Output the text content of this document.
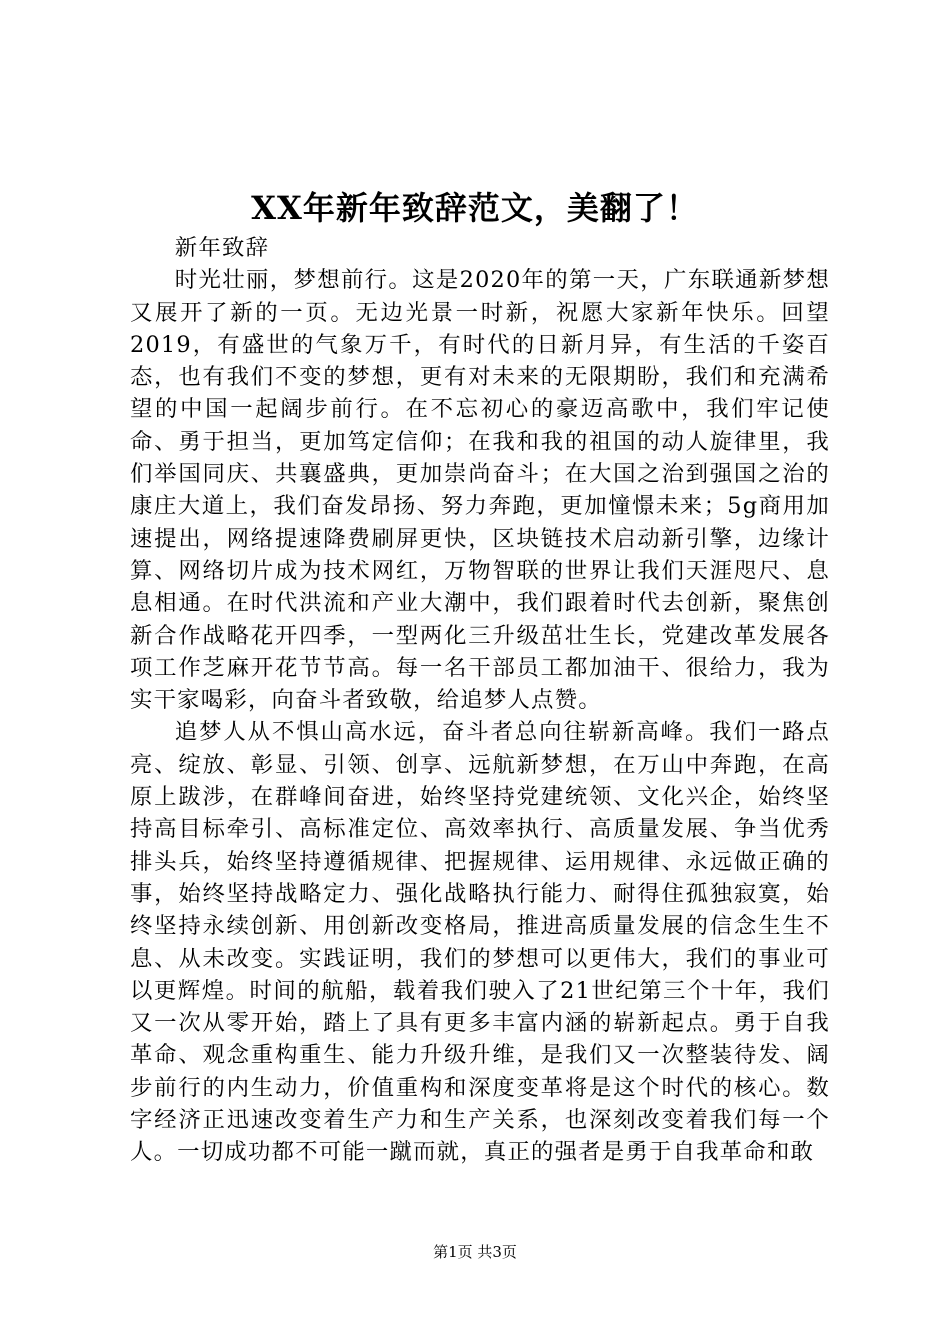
XX年新年致辞范文，美翻了！

新年致辞

时光壮丽，梦想前行。这是2020年的第一天，广东联通新梦想又展开了新的一页。无边光景一时新，祝愿大家新年快乐。回望2019，有盛世的气象万千，有时代的日新月异，有生活的千姿百态，也有我们不变的梦想，更有对未来的无限期盼，我们和充满希望的中国一起阔步前行。在不忘初心的豪迈高歌中，我们牢记使命、勇于担当，更加笃定信仰；在我和我的祖国的动人旋律里，我们举国同庆、共襄盛典，更加崇尚奋斗；在大国之治到强国之治的康庄大道上，我们奋发昂扬、努力奔跑，更加憧憬未来；5g商用加速提出，网络提速降费刷屏更快，区块链技术启动新引擎，边缘计算、网络切片成为技术网红，万物智联的世界让我们天涯咫尺、息息相通。在时代洪流和产业大潮中，我们跟着时代去创新，聚焦创新合作战略花开四季，一型两化三升级茁壮生长，党建改革发展各项工作芝麻开花节节高。每一名干部员工都加油干、很给力，我为实干家喝彩，向奋斗者致敬，给追梦人点赞。

追梦人从不惧山高水远，奋斗者总向往崭新高峰。我们一路点亮、绽放、彰显、引领、创享、远航新梦想，在万山中奔跑，在高原上跋涉，在群峰间奋进，始终坚持党建统领、文化兴企，始终坚持高目标牵引、高标准定位、高效率执行、高质量发展、争当优秀排头兵，始终坚持遵循规律、把握规律、运用规律、永远做正确的事，始终坚持战略定力、强化战略执行能力、耐得住孤独寂寞，始终坚持永续创新、用创新改变格局，推进高质量发展的信念生生不息、从未改变。实践证明，我们的梦想可以更伟大，我们的事业可以更辉煌。时间的航船，载着我们驶入了21世纪第三个十年，我们又一次从零开始，踏上了具有更多丰富内涵的崭新起点。勇于自我革命、观念重构重生、能力升级升维，是我们又一次整装待发、阔步前行的内生动力，价值重构和深度变革将是这个时代的核心。数字经济正迅速改变着生产力和生产关系，也深刻改变着我们每一个人。一切成功都不可能一蹴而就，真正的强者是勇于自我革命和敢

第1页 共3页
